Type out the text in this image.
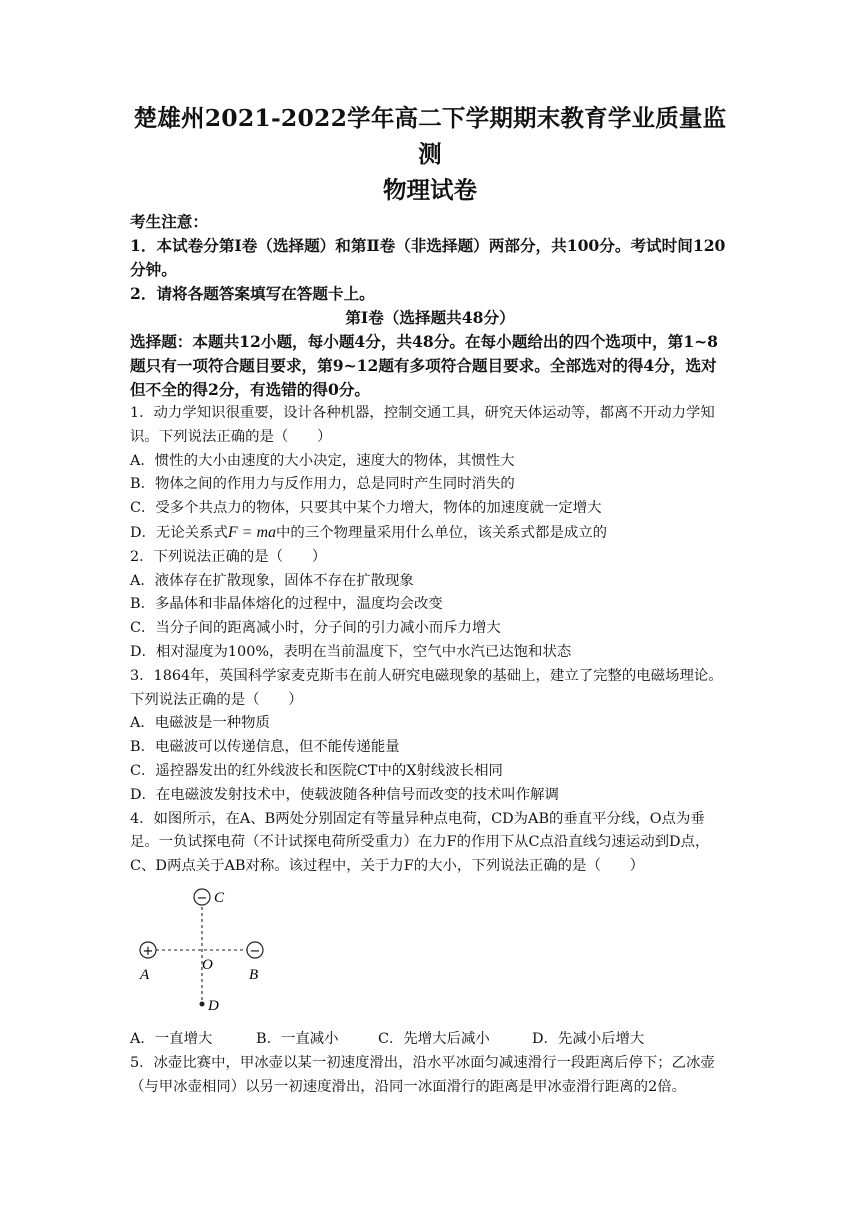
楚雄州2021-2022学年高二下学期期末教育学业质量监测
物理试卷
考生注意：
1．本试卷分第Ⅰ卷（选择题）和第Ⅱ卷（非选择题）两部分，共100分。考试时间120分钟。
2．请将各题答案填写在答题卡上。
第Ⅰ卷（选择题共48分）
选择题：本题共12小题，每小题4分，共48分。在每小题给出的四个选项中，第1~8题只有一项符合题目要求，第9~12题有多项符合题目要求。全部选对的得4分，选对但不全的得2分，有选错的得0分。
1．动力学知识很重要，设计各种机器，控制交通工具，研究天体运动等，都离不开动力学知识。下列说法正确的是（　　）
A．惯性的大小由速度的大小决定，速度大的物体，其惯性大
B．物体之间的作用力与反作用力，总是同时产生同时消失的
C．受多个共点力的物体，只要其中某个力增大，物体的加速度就一定增大
D．无论关系式F = ma中的三个物理量采用什么单位，该关系式都是成立的
2．下列说法正确的是（　　）
A．液体存在扩散现象，固体不存在扩散现象
B．多晶体和非晶体熔化的过程中，温度均会改变
C．当分子间的距离减小时，分子间的引力减小而斥力增大
D．相对湿度为100%，表明在当前温度下，空气中水汽已达饱和状态
3．1864年，英国科学家麦克斯韦在前人研究电磁现象的基础上，建立了完整的电磁场理论。下列说法正确的是（　　）
A．电磁波是一种物质
B．电磁波可以传递信息，但不能传递能量
C．遥控器发出的红外线波长和医院CT中的X射线波长相同
D．在电磁波发射技术中，使载波随各种信号而改变的技术叫作解调
4．如图所示，在A、B两处分别固定有等量异种点电荷，CD为AB的垂直平分线，O点为垂足。一负试探电荷（不计试探电荷所受重力）在力F的作用下从C点沿直线匀速运动到D点，C、D两点关于AB对称。该过程中，关于力F的大小，下列说法正确的是（　　）
−
+	−
C
A	B
O
D
A．一直增大	B．一直减小	C．先增大后减小	D．先减小后增大
5．冰壶比赛中，甲冰壶以某一初速度滑出，沿水平冰面匀减速滑行一段距离后停下；乙冰壶（与甲冰壶相同）以另一初速度滑出，沿同一冰面滑行的距离是甲冰壶滑行距离的2倍。
